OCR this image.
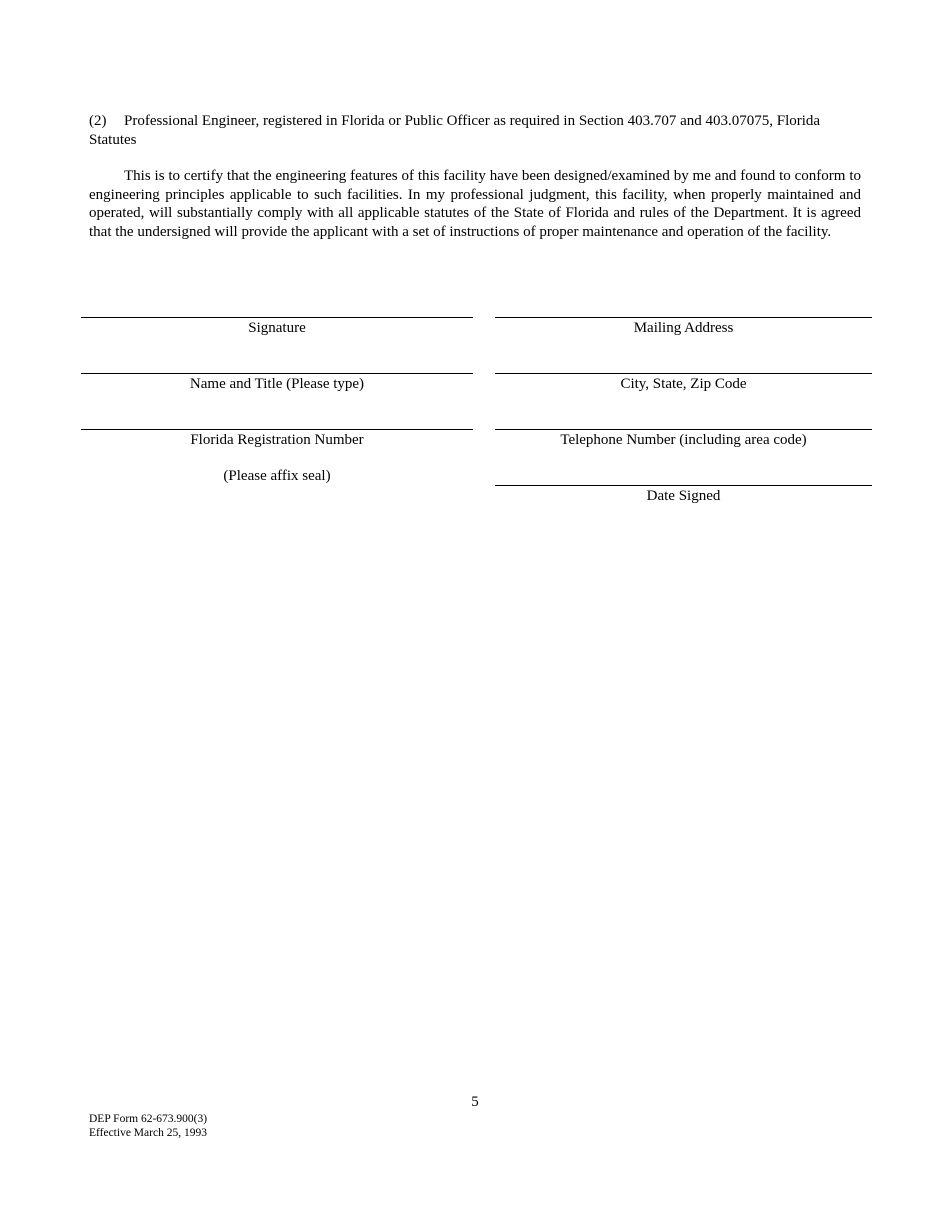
(2) Professional Engineer, registered in Florida or Public Officer as required in Section 403.707 and 403.07075, Florida Statutes

This is to certify that the engineering features of this facility have been designed/examined by me and found to conform to engineering principles applicable to such facilities. In my professional judgment, this facility, when properly maintained and operated, will substantially comply with all applicable statutes of the State of Florida and rules of the Department. It is agreed that the undersigned will provide the applicant with a set of instructions of proper maintenance and operation of the facility.

Signature
Name and Title (Please type)
Florida Registration Number
(Please affix seal)
Mailing Address
City, State, Zip Code
Telephone Number (including area code)
Date Signed
5
DEP Form 62-673.900(3)
Effective March 25, 1993
